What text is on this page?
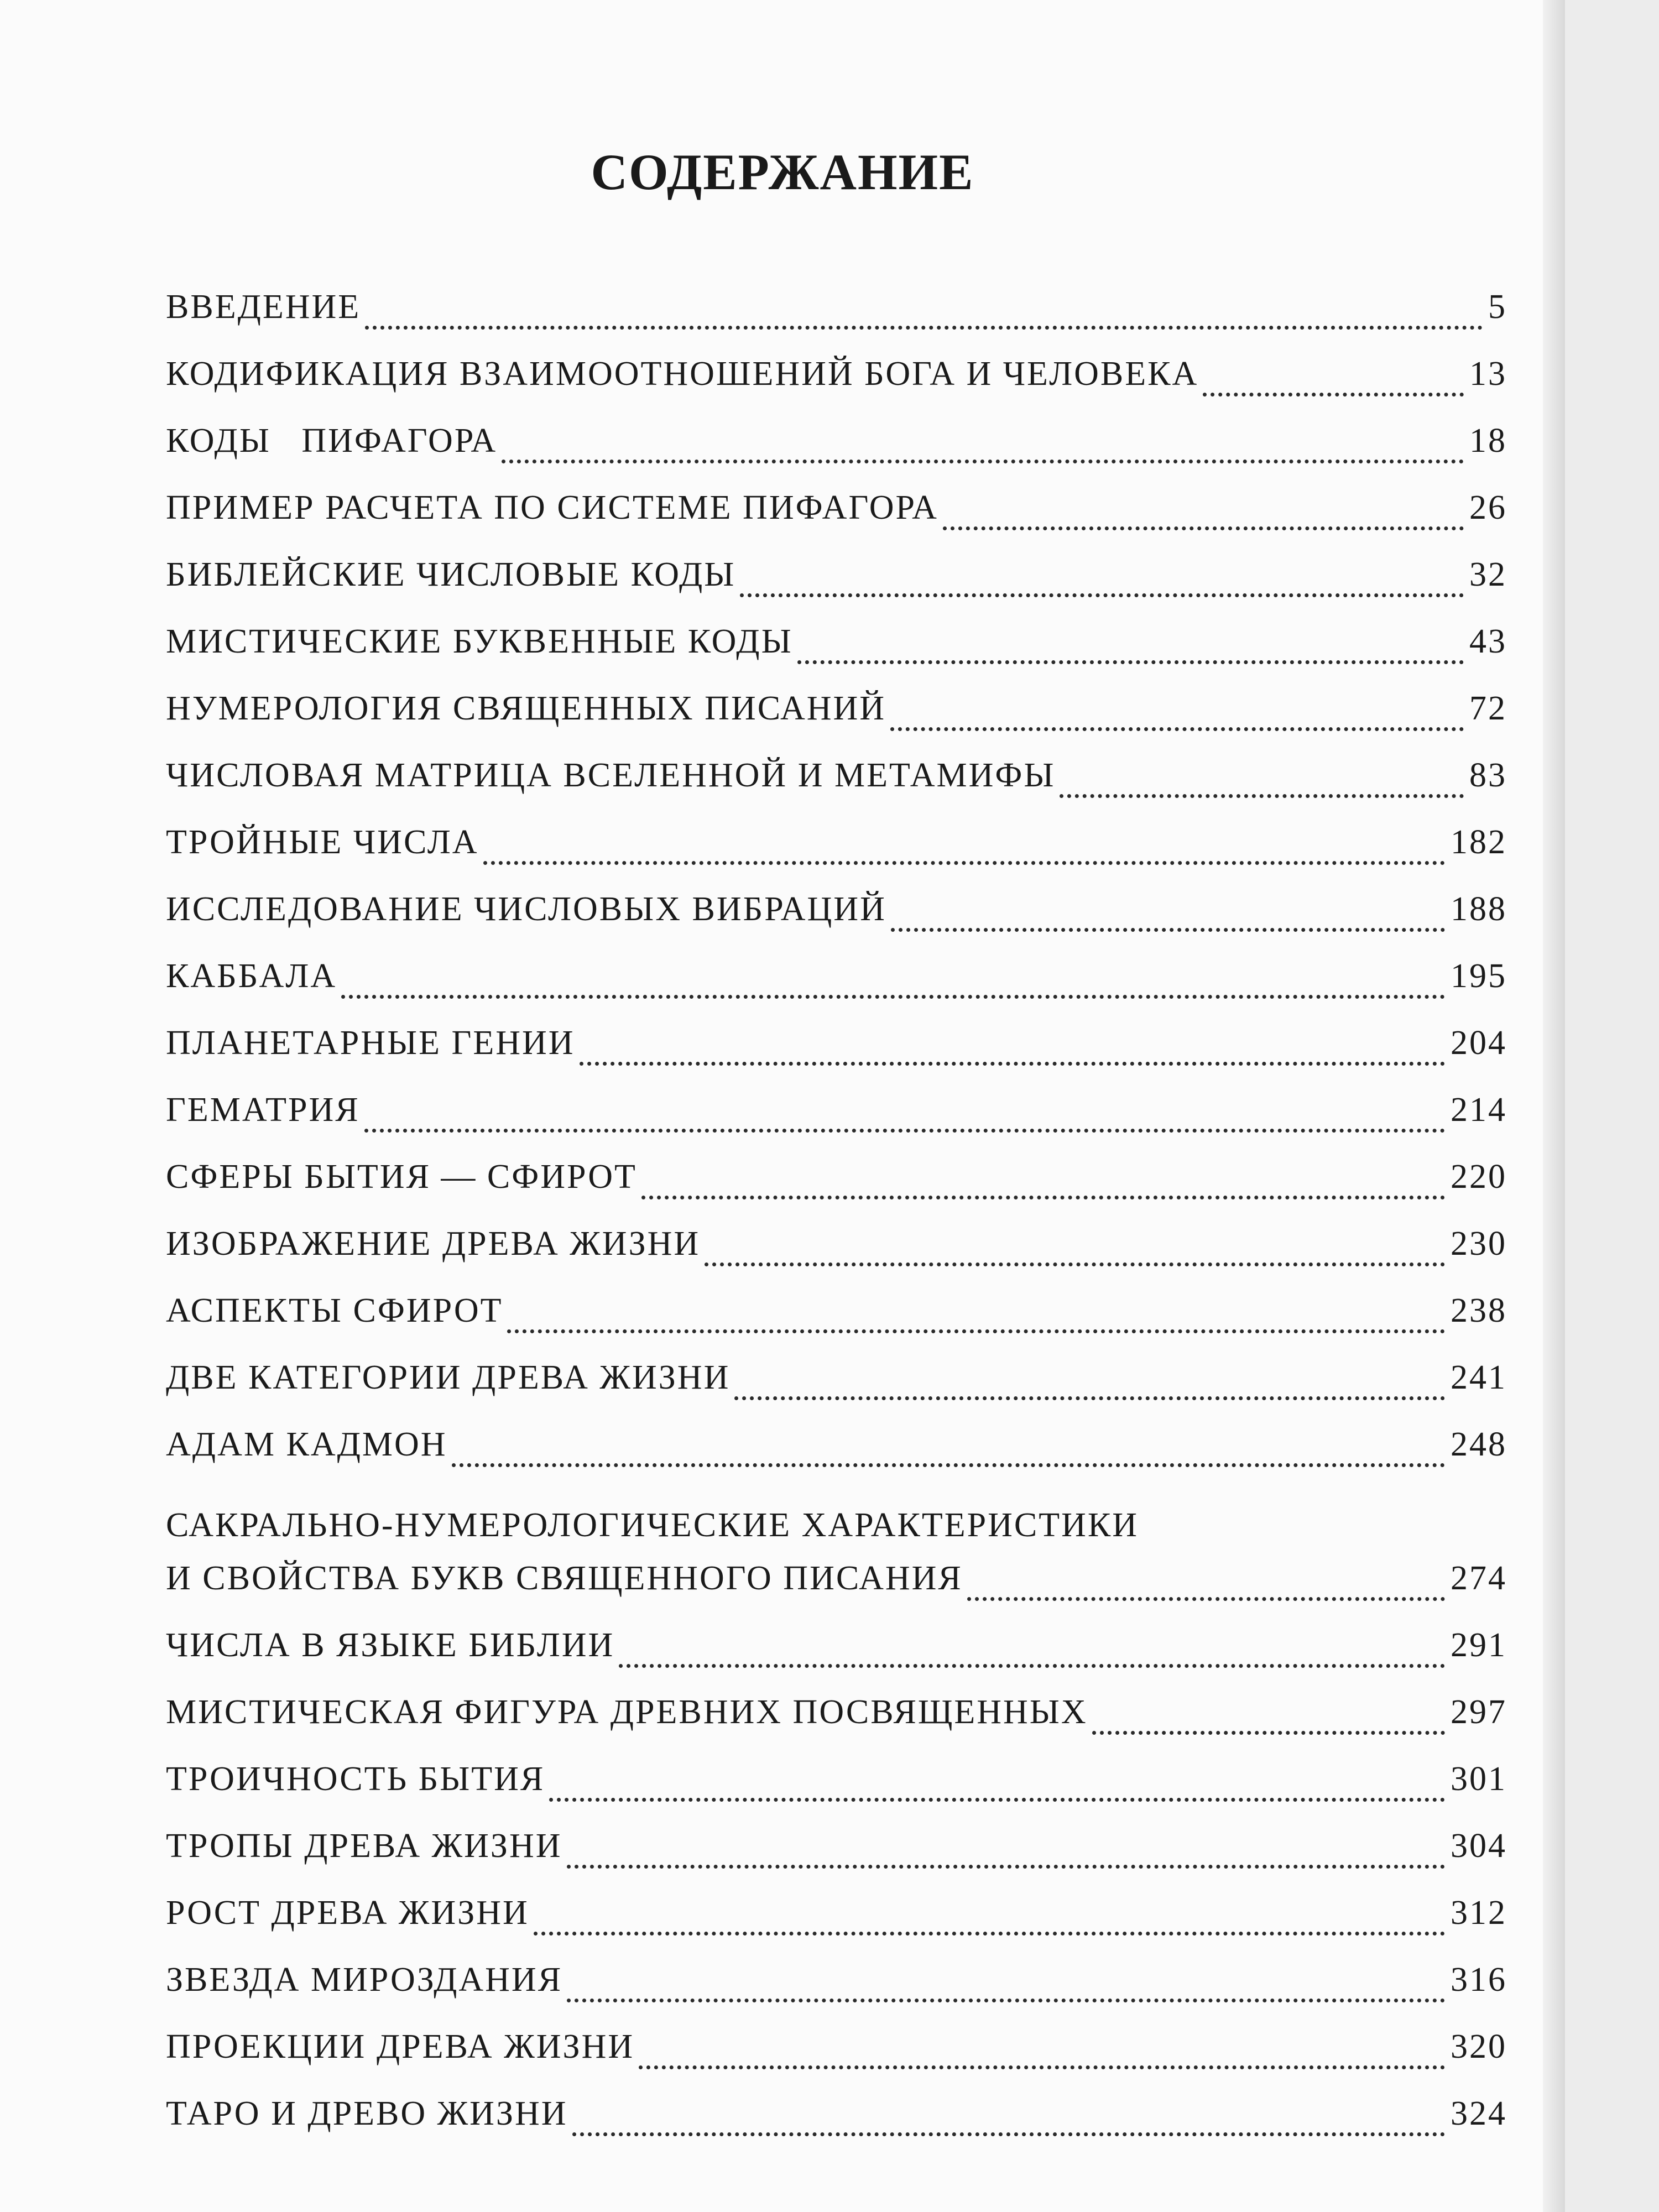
СОДЕРЖАНИЕ
ВВЕДЕНИЕ	5
КОДИФИКАЦИЯ ВЗАИМООТНОШЕНИЙ БОГА И ЧЕЛОВЕКА	13
КОДЫ   ПИФАГОРА	18
ПРИМЕР РАСЧЕТА ПО СИСТЕМЕ ПИФАГОРА	26
БИБЛЕЙСКИЕ ЧИСЛОВЫЕ КОДЫ	32
МИСТИЧЕСКИЕ БУКВЕННЫЕ КОДЫ	43
НУМЕРОЛОГИЯ СВЯЩЕННЫХ ПИСАНИЙ	72
ЧИСЛОВАЯ МАТРИЦА ВСЕЛЕННОЙ И МЕТАМИФЫ	83
ТРОЙНЫЕ ЧИСЛА	182
ИССЛЕДОВАНИЕ ЧИСЛОВЫХ ВИБРАЦИЙ	188
КАББАЛА	195
ПЛАНЕТАРНЫЕ ГЕНИИ	204
ГЕМАТРИЯ	214
СФЕРЫ БЫТИЯ — СФИРОТ	220
ИЗОБРАЖЕНИЕ ДРЕВА ЖИЗНИ	230
АСПЕКТЫ СФИРОТ	238
ДВЕ КАТЕГОРИИ ДРЕВА ЖИЗНИ	241
АДАМ КАДМОН	248
САКРАЛЬНО-НУМЕРОЛОГИЧЕСКИЕ ХАРАКТЕРИСТИКИ
И СВОЙСТВА БУКВ СВЯЩЕННОГО ПИСАНИЯ	274
ЧИСЛА В ЯЗЫКЕ БИБЛИИ	291
МИСТИЧЕСКАЯ ФИГУРА ДРЕВНИХ ПОСВЯЩЕННЫХ	297
ТРОИЧНОСТЬ БЫТИЯ	301
ТРОПЫ ДРЕВА ЖИЗНИ	304
РОСТ ДРЕВА ЖИЗНИ	312
ЗВЕЗДА МИРОЗДАНИЯ	316
ПРОЕКЦИИ ДРЕВА ЖИЗНИ	320
ТАРО И ДРЕВО ЖИЗНИ	324
